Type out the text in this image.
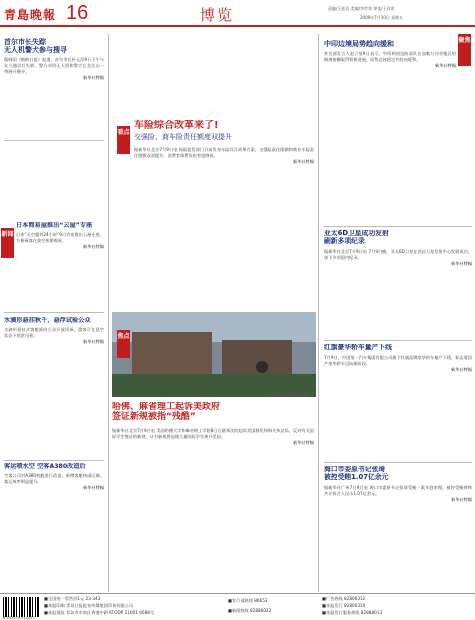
青島晚報 16	博览	责编/王松岩 美编/李世华 审读/王祥宏
2009年7月10日 星期五
首尔市长失踪
无人机警犬参与搜寻
据韩国《朝鲜日报》报道，首尔市长朴元淳9日下午与女儿通话后失联，警方动用无人机和警犬在北岳山一带展开搜寻。
新华社特稿
新闻
日本简易屋推出“云屋”专座
日本“天空露营24小时”9日宣布推出云屋专座，方便乘客在高空休憩观景。
新华社特稿
水滴形悬挂秋千，悬浮试验公众
水滴形悬挂式客舱面向公众开放试乘，游客可在悬空状态下欣赏风景。
新华社特稿
客运喷水空 空客A380改造后
空客公司对A380机舱进行改造，新增客舱休闲区域，客运效率明显提升。
新华社特稿
看点
车险综合改革来了!
交强险、商车险责任额度双提升
据新华社北京7月9日电 保险监管部门日前发布车险综合改革方案，交强险责任限额和商业车险责任限额双双提升，消费者保费负担有望降低。
新华社特稿
美国哈佛大学校园 新华社发
焦点
哈佛、麻省理工起诉美政府
签证新规被指“残酷”
据新华社北京7月9日电 美国哈佛大学和麻省理工学院8日在联邦法院起诉美国移民和海关执法局，反对有关国际学生签证的新规，认为新规将迫使大量国际学生离开美国。
新华社特稿
聚焦
中印边境局势趋向缓和
外交部发言人赵立坚9日表示，中印两国边防部队在加勒万河谷地区的脱离接触取得积极进展，局势总体稳定并趋向缓和。
新华社特稿
亚太6D卫星成功发射
刷新多项纪录
据新华社北京7月9日电 7月9日晚，亚太6D卫星在西昌卫星发射中心发射成功，创下多项国内纪录。
新华社特稿
红旗豪华轿车量产下线
7月9日，中国第一汽车集团有限公司旗下红旗品牌豪华轿车量产下线，标志着国产豪华轿车迈向新阶段。
新华社特稿
海口市委原书记张琦
被控受贿1.07亿余元
据新华社广州7月9日电 海口市委原书记张琦受贿一案开庭审理，被控受贿财物共计折合人民币1.07亿余元。
新华社特稿
6 932079 510027
■全国统一零售价1元 23-343
■本报印刷 青岛日报报业传媒集团印务有限公司
■本报地址 青岛市市南区香港中路 KTODP 11001 6088号
■发行部热线 86653
■新闻热线 82886022
■广告热线 82806312
■本报发行 82800310
■本报发行服务热线 82888013
